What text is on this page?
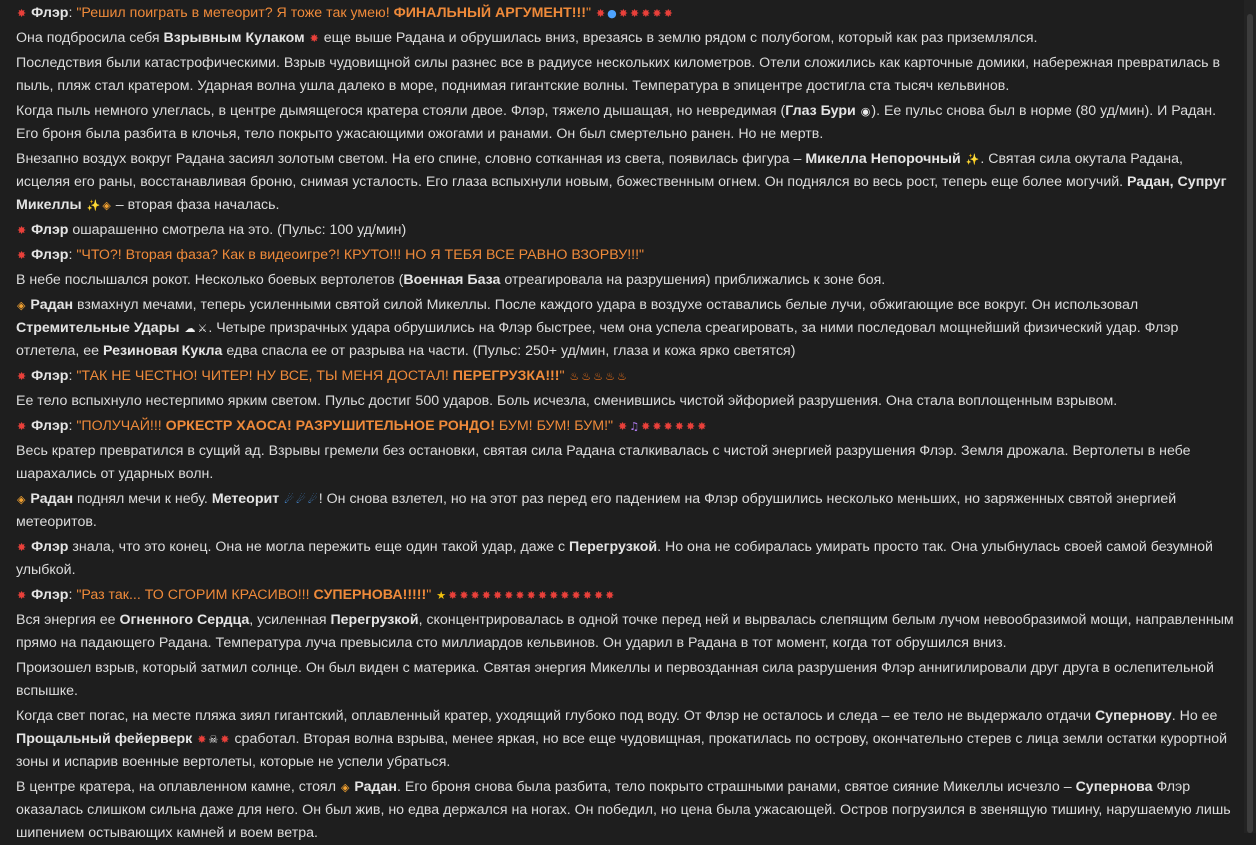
✸ Флэр: "Решил поиграть в метеорит? Я тоже так умею! ФИНАЛЬНЫЙ АРГУМЕНТ!!!" ✸ ● ✸ ✸ ✸ ✸ ✸
Она подбросила себя Взрывным Кулаком ✸ еще выше Радана и обрушилась вниз, врезаясь в землю рядом с полубогом, который как раз приземлялся.
Последствия были катастрофическими. Взрыв чудовищной силы разнес все в радиусе нескольких километров. Отели сложились как карточные домики, набережная превратилась в пыль, пляж стал кратером. Ударная волна ушла далеко в море, поднимая гигантские волны. Температура в эпицентре достигла ста тысяч кельвинов.
Когда пыль немного улеглась, в центре дымящегося кратера стояли двое. Флэр, тяжело дышащая, но невредимая (Глаз Бури ◉). Ее пульс снова был в норме (80 уд/мин). И Радан. Его броня была разбита в клочья, тело покрыто ужасающими ожогами и ранами. Он был смертельно ранен. Но не мертв.
Внезапно воздух вокруг Радана засиял золотым светом. На его спине, словно сотканная из света, появилась фигура – Микелла Непорочный ✨. Святая сила окутала Радана, исцеляя его раны, восстанавливая броню, снимая усталость. Его глаза вспыхнули новым, божественным огнем. Он поднялся во весь рост, теперь еще более могучий. Радан, Супруг Микеллы ✨ ◈ – вторая фаза началась.
✸ Флэр ошарашенно смотрела на это. (Пульс: 100 уд/мин)
✸ Флэр: "ЧТО?! Вторая фаза? Как в видеоигре?! КРУТО!!! НО Я ТЕБЯ ВСЕ РАВНО ВЗОРВУ!!!"
В небе послышался рокот. Несколько боевых вертолетов (Военная База отреагировала на разрушения) приближались к зоне боя.
◈ Радан взмахнул мечами, теперь усиленными святой силой Микеллы. После каждого удара в воздухе оставались белые лучи, обжигающие все вокруг. Он использовал Стремительные Удары ☁ ⚔. Четыре призрачных удара обрушились на Флэр быстрее, чем она успела среагировать, за ними последовал мощнейший физический удар. Флэр отлетела, ее Резиновая Кукла едва спасла ее от разрыва на части. (Пульс: 250+ уд/мин, глаза и кожа ярко светятся)
✸ Флэр: "ТАК НЕ ЧЕСТНО! ЧИТЕР! НУ ВСЕ, ТЫ МЕНЯ ДОСТАЛ! ПЕРЕГРУЗКА!!!" ♨ ♨ ♨ ♨ ♨
Ее тело вспыхнуло нестерпимо ярким светом. Пульс достиг 500 ударов. Боль исчезла, сменившись чистой эйфорией разрушения. Она стала воплощенным взрывом.
✸ Флэр: "ПОЛУЧАЙ!!! ОРКЕСТР ХАОСА! РАЗРУШИТЕЛЬНОЕ РОНДО! БУМ! БУМ! БУМ!" ✸ ♫ ✸ ✸ ✸ ✸ ✸ ✸
Весь кратер превратился в сущий ад. Взрывы гремели без остановки, святая сила Радана сталкивалась с чистой энергией разрушения Флэр. Земля дрожала. Вертолеты в небе шарахались от ударных волн.
◈ Радан поднял мечи к небу. Метеорит ☄ ☄ ☄! Он снова взлетел, но на этот раз перед его падением на Флэр обрушились несколько меньших, но заряженных святой энергией метеоритов.
✸ Флэр знала, что это конец. Она не могла пережить еще один такой удар, даже с Перегрузкой. Но она не собиралась умирать просто так. Она улыбнулась своей самой безумной улыбкой.
✸ Флэр: "Раз так... ТО СГОРИМ КРАСИВО!!! СУПЕРНОВА!!!!!" ★ ✸ ✸ ✸ ✸ ✸ ✸ ✸ ✸ ✸ ✸ ✸ ✸ ✸ ✸ ✸
Вся энергия ее Огненного Сердца, усиленная Перегрузкой, сконцентрировалась в одной точке перед ней и вырвалась слепящим белым лучом невообразимой мощи, направленным прямо на падающего Радана. Температура луча превысила сто миллиардов кельвинов. Он ударил в Радана в тот момент, когда тот обрушился вниз.
Произошел взрыв, который затмил солнце. Он был виден с материка. Святая энергия Микеллы и первозданная сила разрушения Флэр аннигилировали друг друга в ослепительной вспышке.
Когда свет погас, на месте пляжа зиял гигантский, оплавленный кратер, уходящий глубоко под воду. От Флэр не осталось и следа – ее тело не выдержало отдачи Супернову. Но ее Прощальный фейерверк ✸ ☠ ✸ сработал. Вторая волна взрыва, менее яркая, но все еще чудовищная, прокатилась по острову, окончательно стерев с лица земли остатки курортной зоны и испарив военные вертолеты, которые не успели убраться.
В центре кратера, на оплавленном камне, стоял ◈ Радан. Его броня снова была разбита, тело покрыто страшными ранами, святое сияние Микеллы исчезло – Супернова Флэр оказалась слишком сильна даже для него. Он был жив, но едва держался на ногах. Он победил, но цена была ужасающей. Остров погрузился в звенящую тишину, нарушаемую лишь шипением остывающих камней и воем ветра.
